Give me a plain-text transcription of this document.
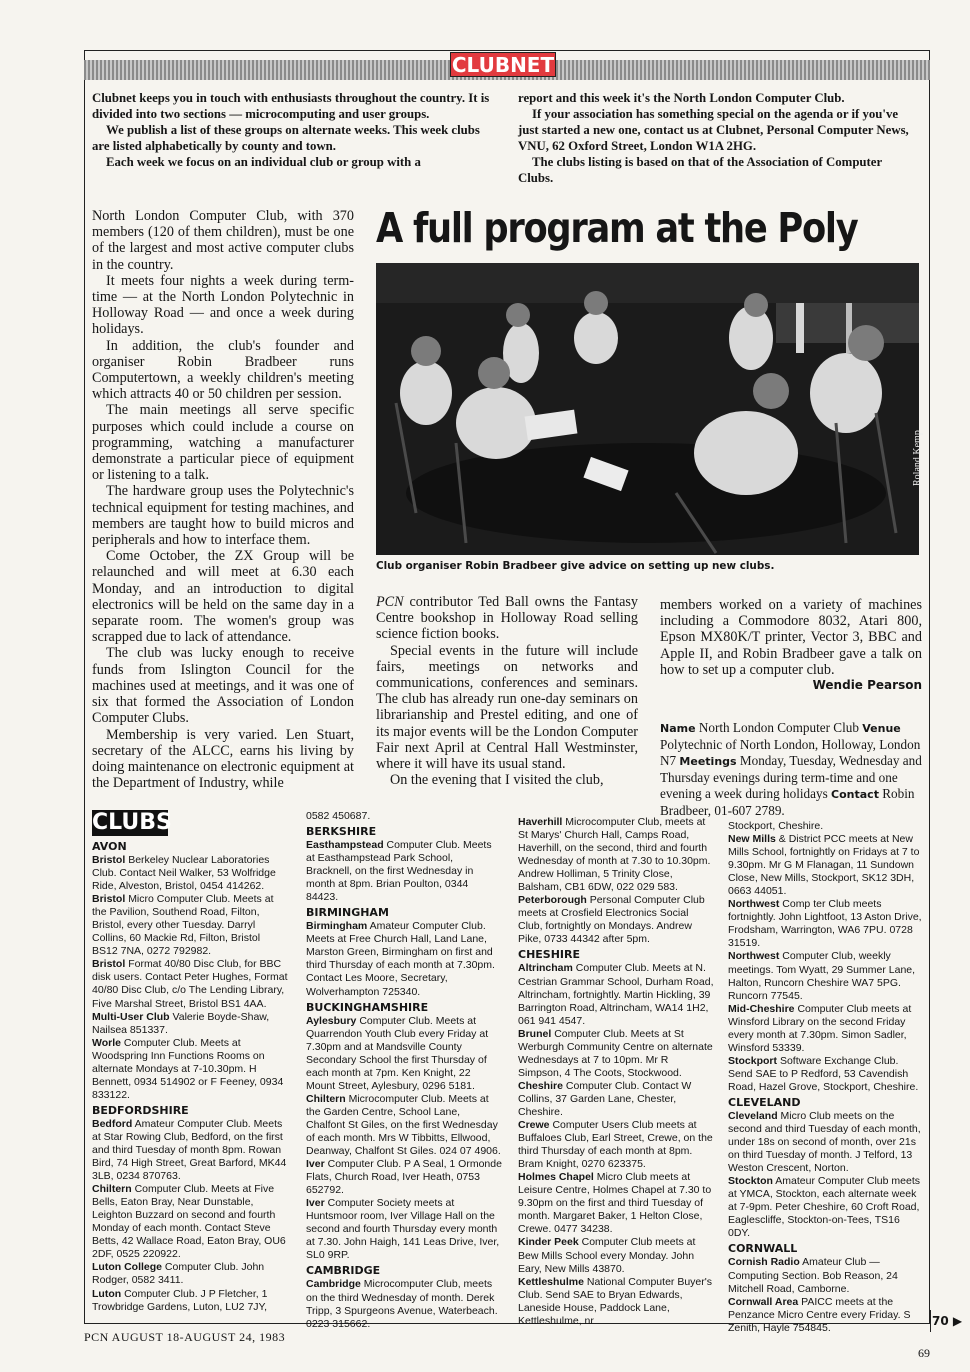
CLUBNET

Clubnet keeps you in touch with enthusiasts throughout the country. It is divided into two sections — microcomputing and user groups.

We publish a list of these groups on alternate weeks. This week clubs are listed alphabetically by county and town.

Each week we focus on an individual club or group with a

report and this week it's the North London Computer Club.

If your association has something special on the agenda or if you've just started a new one, contact us at Clubnet, Personal Computer News, VNU, 62 Oxford Street, London W1A 2HG.

The clubs listing is based on that of the Association of Computer Clubs.

North London Computer Club, with 370 members (120 of them children), must be one of the largest and most active computer clubs in the country.

It meets four nights a week during term-time — at the North London Polytechnic in Holloway Road — and once a week during holidays.

In addition, the club's founder and organiser Robin Bradbeer runs Computertown, a weekly children's meeting which attracts 40 or 50 children per session.

The main meetings all serve specific purposes which could include a course on programming, watching a manufacturer demonstrate a particular piece of equipment or listening to a talk.

The hardware group uses the Polytechnic's technical equipment for testing machines, and members are taught how to build micros and peripherals and how to interface them.

Come October, the ZX Group will be relaunched and will meet at 6.30 each Monday, and an introduction to digital electronics will be held on the same day in a separate room. The women's group was scrapped due to lack of attendance.

The club was lucky enough to receive funds from Islington Council for the machines used at meetings, and it was one of six that formed the Association of London Computer Clubs.

Membership is very varied. Len Stuart, secretary of the ALCC, earns his living by doing maintenance on electronic equipment at the Department of Industry, while

A full program at the Poly
Roland Kemp
Club organiser Robin Bradbeer give advice on setting up new clubs.

PCN contributor Ted Ball owns the Fantasy Centre bookshop in Holloway Road selling science fiction books.

Special events in the future will include fairs, meetings on networks and communications, conferences and seminars. The club has already run one-day seminars on librarianship and Prestel editing, and one of its major events will be the London Computer Fair next April at Central Hall Westminster, where it will have its usual stand.

On the evening that I visited the club,

members worked on a variety of machines including a Commodore 8032, Atari 800, Epson MX80K/T printer, Vector 3, BBC and Apple II, and Robin Bradbeer gave a talk on how to set up a computer club.

Wendie Pearson
Name North London Computer Club Venue Polytechnic of North London, Holloway, London N7 Meetings Monday, Tuesday, Wednesday and Thursday evenings during term-time and one evening a week during holidays Contact Robin Bradbeer, 01-607 2789.
CLUBS
AVON
Bristol Berkeley Nuclear Laboratories Club. Contact Neil Walker, 53 Wolfridge Ride, Alveston, Bristol, 0454 414262.
Bristol Micro Computer Club. Meets at the Pavilion, Southend Road, Filton, Bristol, every other Tuesday. Darryl Collins, 60 Mackie Rd, Filton, Bristol BS12 7NA, 0272 792982.
Bristol Format 40/80 Disc Club, for BBC disk users. Contact Peter Hughes, Format 40/80 Disc Club, c/o The Lending Library, Five Marshal Street, Bristol BS1 4AA.
Multi-User Club Valerie Boyde-Shaw, Nailsea 851337.
Worle Computer Club. Meets at Woodspring Inn Functions Rooms on alternate Mondays at 7-10.30pm. H Bennett, 0934 514902 or F Feeney, 0934 833122.
BEDFORDSHIRE
Bedford Amateur Computer Club. Meets at Star Rowing Club, Bedford, on the first and third Tuesday of month 8pm. Rowan Bird, 74 High Street, Great Barford, MK44 3LB, 0234 870763.
Chiltern Computer Club. Meets at Five Bells, Eaton Bray, Near Dunstable, Leighton Buzzard on second and fourth Monday of each month. Contact Steve Betts, 42 Wallace Road, Eaton Bray, OU6 2DF, 0525 220922.
Luton College Computer Club. John Rodger, 0582 3411.
Luton Computer Club. J P Fletcher, 1 Trowbridge Gardens, Luton, LU2 7JY,
0582 450687.
BERKSHIRE
Easthampstead Computer Club. Meets at Easthampstead Park School, Bracknell, on the first Wednesday in month at 8pm. Brian Poulton, 0344 84423.
BIRMINGHAM
Birmingham Amateur Computer Club. Meets at Free Church Hall, Land Lane, Marston Green, Birmingham on first and third Thursday of each month at 7.30pm. Contact Les Moore, Secretary, Wolverhampton 725340.
BUCKINGHAMSHIRE
Aylesbury Computer Club. Meets at Quarrendon Youth Club every Friday at 7.30pm and at Mandsville County Secondary School the first Thursday of each month at 7pm. Ken Knight, 22 Mount Street, Aylesbury, 0296 5181.
Chiltern Microcomputer Club. Meets at the Garden Centre, School Lane, Chalfont St Giles, on the first Wednesday of each month. Mrs W Tibbitts, Ellwood, Deanway, Chalfont St Giles. 024 07 4906.
Iver Computer Club. P A Seal, 1 Ormonde Flats, Church Road, Iver Heath, 0753 652792.
Iver Computer Society meets at Huntsmoor room, Iver Village Hall on the second and fourth Thursday every month at 7.30. John Haigh, 141 Leas Drive, Iver, SL0 9RP.
CAMBRIDGE
Cambridge Microcomputer Club, meets on the third Wednesday of month. Derek Tripp, 3 Spurgeons Avenue, Waterbeach. 0223 315662.
Haverhill Microcomputer Club, meets at St Marys' Church Hall, Camps Road, Haverhill, on the second, third and fourth Wednesday of month at 7.30 to 10.30pm. Andrew Holliman, 5 Trinity Close, Balsham, CB1 6DW, 022 029 583.
Peterborough Personal Computer Club meets at Crosfield Electronics Social Club, fortnightly on Mondays. Andrew Pike, 0733 44342 after 5pm.
CHESHIRE
Altrincham Computer Club. Meets at N. Cestrian Grammar School, Durham Road, Altrincham, fortnightly. Martin Hickling, 39 Barrington Road, Altrincham, WA14 1H2, 061 941 4547.
Brunel Computer Club. Meets at St Werburgh Community Centre on alternate Wednesdays at 7 to 10pm. Mr R Simpson, 4 The Coots, Stockwood.
Cheshire Computer Club. Contact W Collins, 37 Garden Lane, Chester, Cheshire.
Crewe Computer Users Club meets at Buffaloes Club, Earl Street, Crewe, on the third Thursday of each month at 8pm. Bram Knight, 0270 623375.
Holmes Chapel Micro Club meets at Leisure Centre, Holmes Chapel at 7.30 to 9.30pm on the first and third Tuesday of month. Margaret Baker, 1 Helton Close, Crewe. 0477 34238.
Kinder Peek Computer Club meets at Bew Mills School every Monday. John Eary, New Mills 43870.
Kettleshulme National Computer Buyer's Club. Send SAE to Bryan Edwards, Laneside House, Paddock Lane, Kettleshulme, nr
Stockport, Cheshire.
New Mills & District PCC meets at New Mills School, fortnightly on Fridays at 7 to 9.30pm. Mr G M Flanagan, 11 Sundown Close, New Mills, Stockport, SK12 3DH, 0663 44051.
Northwest Comp ter Club meets fortnightly. John Lightfoot, 13 Aston Drive, Frodsham, Warrington, WA6 7PU. 0728 31519.
Northwest Computer Club, weekly meetings. Tom Wyatt, 29 Summer Lane, Halton, Runcorn Cheshire WA7 5PG. Runcorn 77545.
Mid-Cheshire Computer Club meets at Winsford Library on the second Friday every month at 7.30pm. Simon Sadler, Winsford 53339.
Stockport Software Exchange Club. Send SAE to P Redford, 53 Cavendish Road, Hazel Grove, Stockport, Cheshire.
CLEVELAND
Cleveland Micro Club meets on the second and third Tuesday of each month, under 18s on second of month, over 21s on third Tuesday of month. J Telford, 13 Weston Crescent, Norton.
Stockton Amateur Computer Club meets at YMCA, Stockton, each alternate week at 7-9pm. Peter Cheshire, 60 Croft Road, Eaglescliffe, Stockton-on-Tees, TS16 0DY.
CORNWALL
Cornish Radio Amateur Club — Computing Section. Bob Reason, 24 Mitchell Road, Camborne.
Cornwall Area PAICC meets at the Penzance Micro Centre every Friday. S Zenith, Hayle 754845.	70 ▶
PCN AUGUST 18-AUGUST 24, 1983
69
